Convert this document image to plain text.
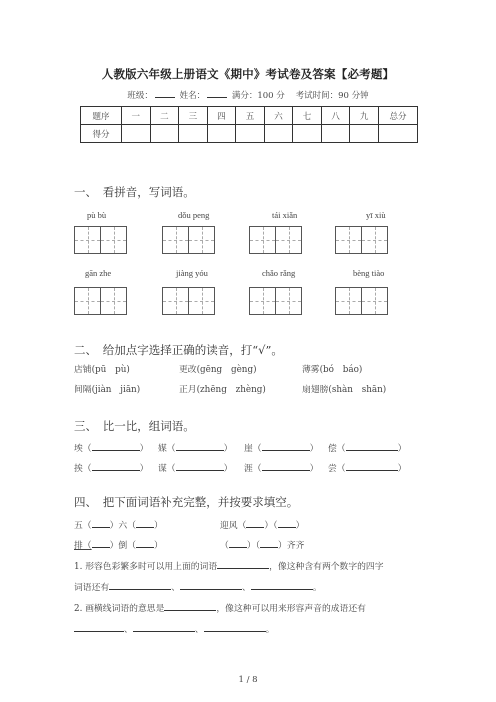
人教版六年级上册语文《期中》考试卷及答案【必考题】
班级：	姓名：	满分：100 分 考试时间：90 分钟
题序	一	二	三	四	五	六	七	八	九	总分
得分										
一、　看拼音，写词语。
pù bù	dǒu peng	tái xiǎn	yī xiù
gān zhe	jiàng yóu	chǎo rǎng	bèng tiào
二、　给加点字选择正确的读音，打“√”。
店铺(pū　pù)	更改(gēng　gèng)	薄雾(bó　báo)
间隔(jiàn　jiān)	正月(zhēng　zhèng)	扇翅膀(shàn　shān)
三、　比一比，组词语。
埃（	） 媒（	） 崖（	） 偿（	）
挨（	） 谋（	） 涯（	） 尝（	）
四、　把下面词语补充完整，并按要求填空。
五（ ）六（ ）	迎风（ ）（ ）
排（ ）倒（ ）	（ ）（ ）齐齐
1. 形容色彩繁多时可以用上面的词语	，像这种含有两个数字的四字
词语还有	、	、	。
2. 画横线词语的意思是	，像这种可以用来形容声音的成语还有
、	、	。
1 / 8
